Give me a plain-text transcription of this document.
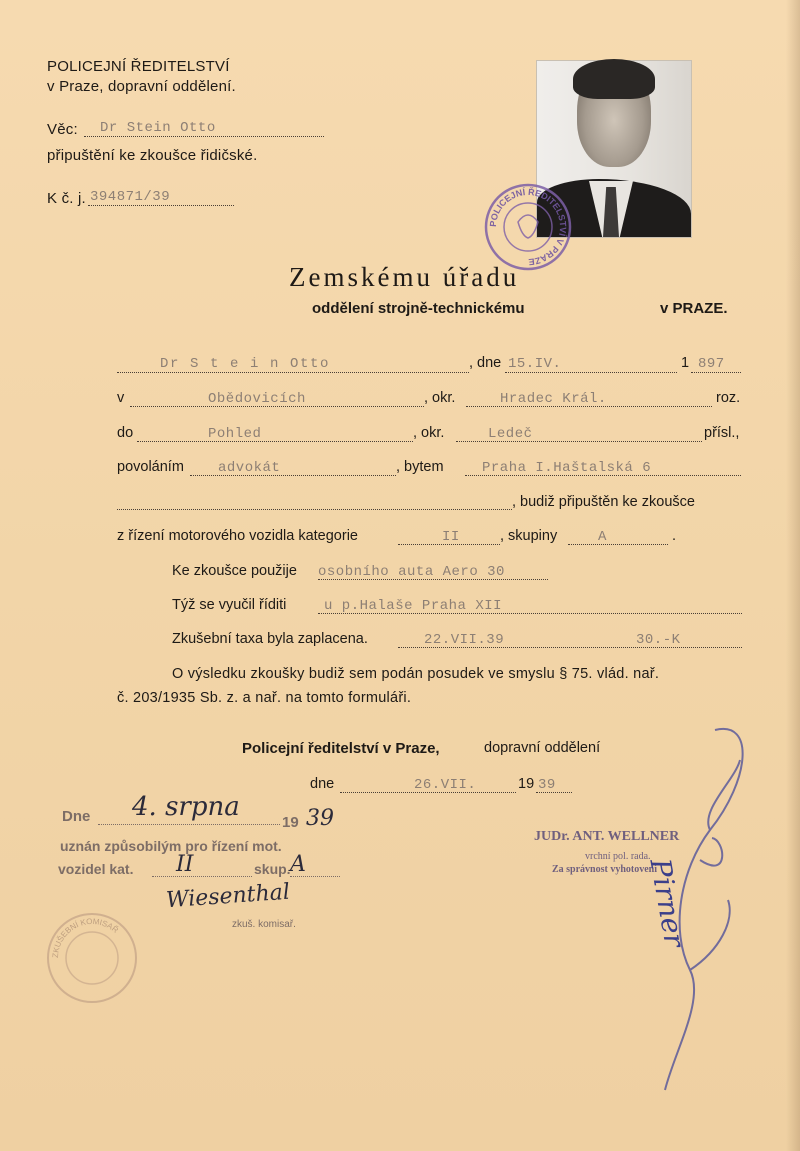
POLICEJNÍ ŘEDITELSTVÍ
v Praze, dopravní oddělení.
Věc: Dr Stein Otto
připuštění ke zkoušce řidičské.
K č. j. 394871/39
POLICEJNÍ ŘEDITELSTVÍ V PRAZE
Zemskému úřadu
oddělení strojně-technickému	v PRAZE.
Dr S t e i n Otto	, dne 15.IV.	1 897
v	Obědovicích	, okr.	Hradec Král.	roz.
do	Pohled	, okr.	Ledeč	přísl.,
povoláním advokát	, bytem	Praha I.Haštalská 6
, budiž připuštěn ke zkoušce
z řízení motorového vozidla kategorie	II	, skupiny	A	.
Ke zkoušce použije osobního auta Aero 30
Týž se vyučil říditi	u p.Halaše Praha XII
Zkušební taxa byla zaplacena.	22.VII.39	30.-K
O výsledku zkoušky budiž sem podán posudek ve smyslu § 75. vlád. nař.
č. 203/1935 Sb. z. a nař. na tomto formuláři.
Policejní ředitelství v Praze,	dopravní oddělení
dne	26.VII.	19 39
JUDr. ANT. WELLNER
vrchní pol. rada.
Za správnost vyhotovení
Pirner
Dne 4. srpna
19 39
uznán způsobilým pro řízení mot.
vozidel kat. II	skup. A
Wiesenthal
zkuš. komisař.
ZKUŠEBNÍ KOMISAŘ
